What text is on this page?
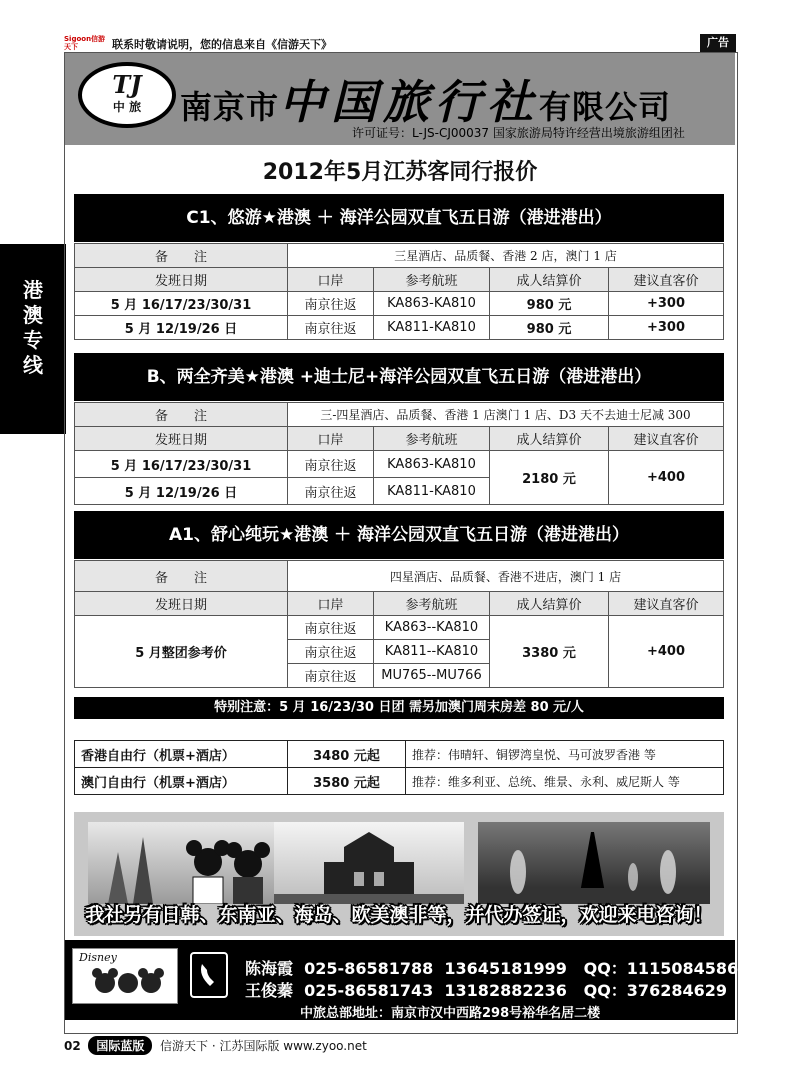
Sigoon信游天下	联系时敬请说明，您的信息来自《信游天下》	广告
港
澳
专
线
TJ
中 旅	南京市中国旅行社有限公司
许可证号：L-JS-CJ00037 国家旅游局特许经营出境旅游组团社
2012年5月江苏客同行报价
C1、悠游★港澳 ＋ 海洋公园双直飞五日游（港进港出）
备　　注	三星酒店、品质餐、香港 2 店，澳门 1 店			
发班日期	口岸	参考航班	成人结算价	建议直客价
5 月 16/17/23/30/31	南京往返	KA863-KA810	980 元	+300
5 月 12/19/26 日	南京往返	KA811-KA810	980 元	+300
B、两全齐美★港澳 +迪士尼+海洋公园双直飞五日游（港进港出）
备　　注	三-四星酒店、品质餐、香港 1 店澳门 1 店、D3 天不去迪士尼减 300			
发班日期	口岸	参考航班	成人结算价	建议直客价
5 月 16/17/23/30/31	南京往返	KA863-KA810	2180 元	+400
5 月 12/19/26 日	南京往返	KA811-KA810		
A1、舒心纯玩★港澳 ＋ 海洋公园双直飞五日游（港进港出）
备　　注	四星酒店、品质餐、香港不进店，澳门 1 店			
发班日期	口岸	参考航班	成人结算价	建议直客价
5 月整团参考价	南京往返	KA863--KA810	3380 元	+400
	南京往返	KA811--KA810		
	南京往返	MU765--MU766		
特别注意：5 月 16/23/30 日团 需另加澳门周末房差 80 元/人
香港自由行（机票+酒店）	3480 元起	推荐：伟晴轩、铜锣湾皇悦、马可波罗香港 等
澳门自由行（机票+酒店）	3580 元起	推荐：维多利亚、总统、维景、永利、威尼斯人 等
我社另有日韩、东南亚、海岛、欧美澳非等，并代办签证，欢迎来电咨询！
陈海霞 025-86581788 13645181999 QQ：1115084586
王俊蓁 025-86581743 13182882236 QQ：376284629
中旅总部地址：南京市汉中西路298号裕华名居二楼
Disney
02 国际蓝版 信游天下 · 江苏国际版 www.zyoo.net
